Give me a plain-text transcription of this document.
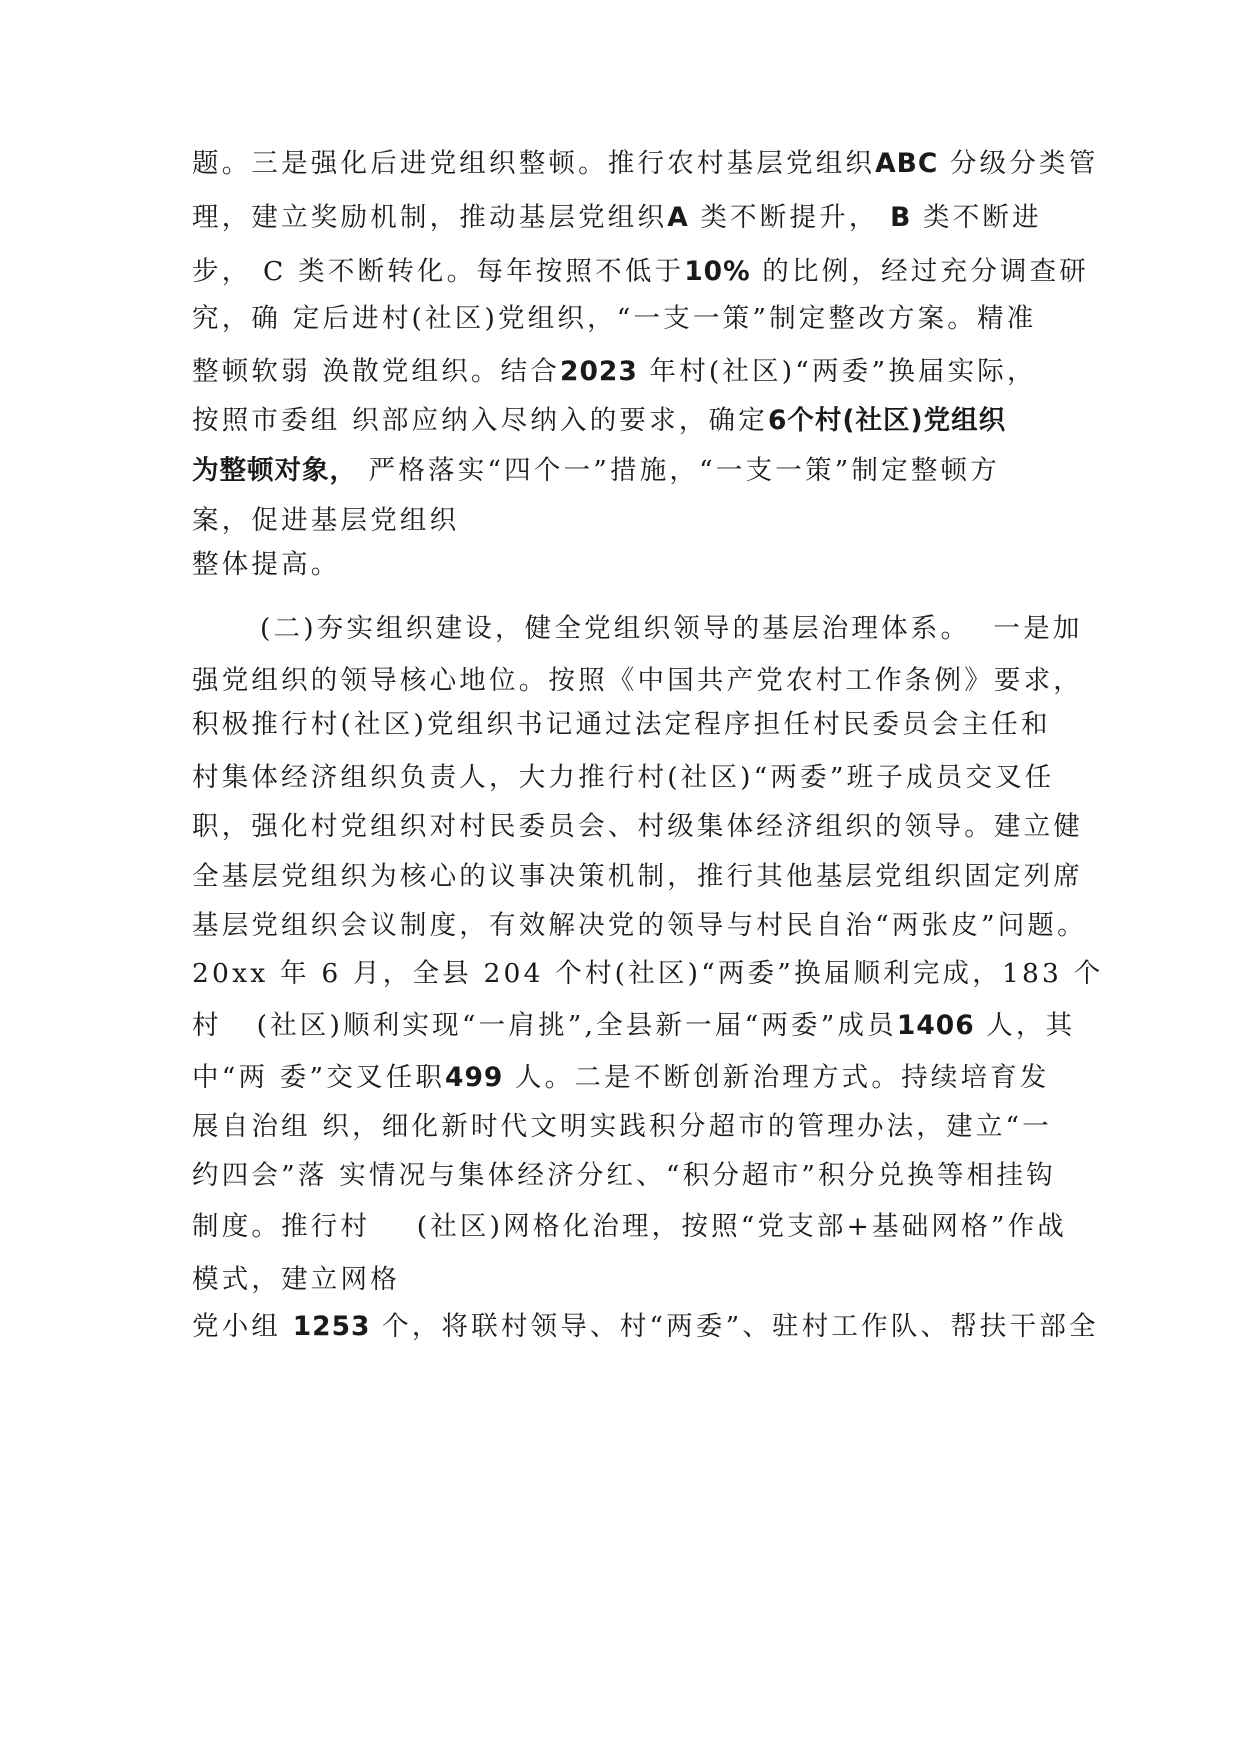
题。三是强化后进党组织整顿。推行农村基层党组织ABC 分级分类管
理，建立奖励机制，推动基层党组织A 类不断提升， B 类不断进
步， C 类不断转化。每年按照不低于10% 的比例，经过充分调查研
究，确 定后进村(社区)党组织，“一支一策”制定整改方案。精准
整顿软弱 涣散党组织。结合2023 年村(社区)“两委”换届实际，
按照市委组 织部应纳入尽纳入的要求，确定6个村(社区)党组织
为整顿对象， 严格落实“四个一”措施，“一支一策”制定整顿方
案，促进基层党组织
整体提高。
(二)夯实组织建设，健全党组织领导的基层治理体系。  一是加
强党组织的领导核心地位。按照《中国共产党农村工作条例》要求，
积极推行村(社区)党组织书记通过法定程序担任村民委员会主任和
村集体经济组织负责人，大力推行村(社区)“两委”班子成员交叉任
职，强化村党组织对村民委员会、村级集体经济组织的领导。建立健
全基层党组织为核心的议事决策机制，推行其他基层党组织固定列席
基层党组织会议制度，有效解决党的领导与村民自治“两张皮”问题。
20xx 年 6 月，全县 204 个村(社区)“两委”换届顺利完成，183 个
村   (社区)顺利实现“一肩挑”,全县新一届“两委”成员1406 人，其
中“两 委”交叉任职499 人。二是不断创新治理方式。持续培育发
展自治组 织，细化新时代文明实践积分超市的管理办法，建立“一
约四会”落 实情况与集体经济分红、“积分超市”积分兑换等相挂钩
制度。推行村    (社区)网格化治理，按照“党支部+基础网格”作战
模式，建立网格
党小组 1253 个，将联村领导、村“两委”、驻村工作队、帮扶干部全
